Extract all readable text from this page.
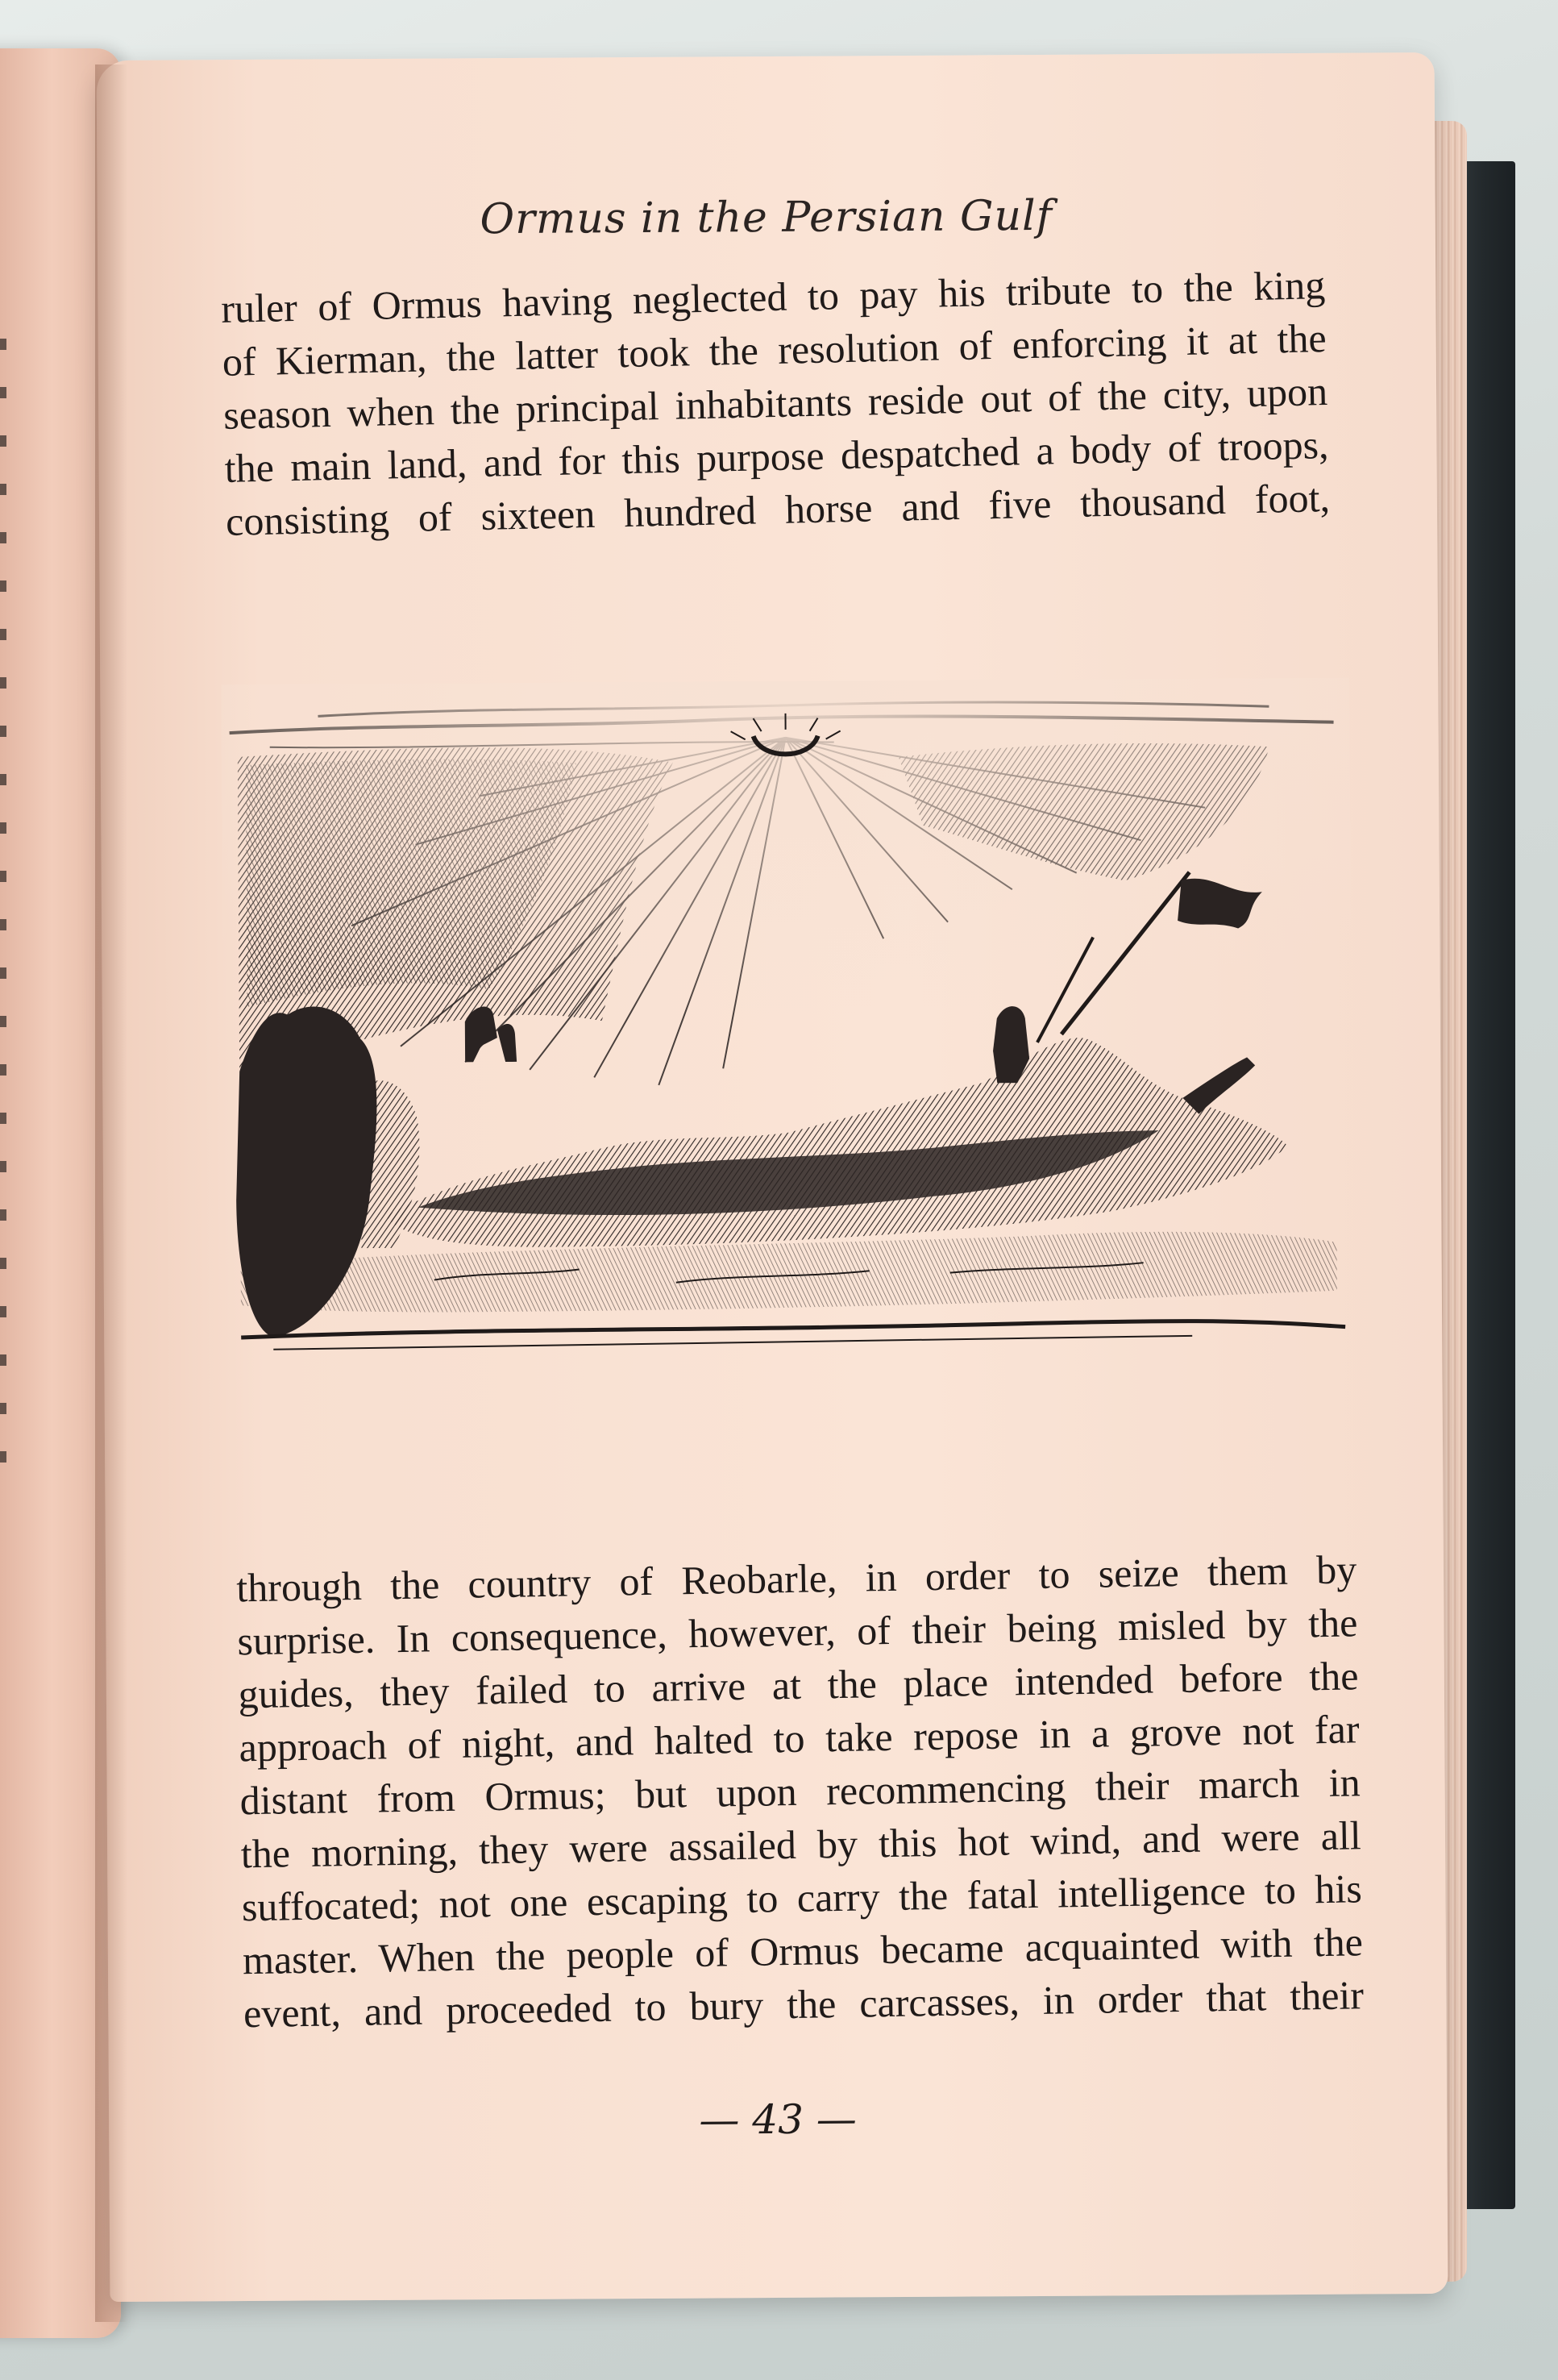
Ormus in the Persian Gulf
ruler of Ormus having neglected to pay his tribute to the king
of Kierman, the latter took the resolution of enforcing it at the
season when the principal inhabitants reside out of the city, upon
the main land, and for this purpose despatched a body of troops,
consisting of sixteen hundred horse and five thousand foot,
through the country of Reobarle, in order to seize them by
surprise. In consequence, however, of their being misled by the
guides, they failed to arrive at the place intended before the
approach of night, and halted to take repose in a grove not far
distant from Ormus; but upon recommencing their march in
the morning, they were assailed by this hot wind, and were all
suffocated; not one escaping to carry the fatal intelligence to his
master. When the people of Ormus became acquainted with the
event, and proceeded to bury the carcasses, in order that their
— 43 —
